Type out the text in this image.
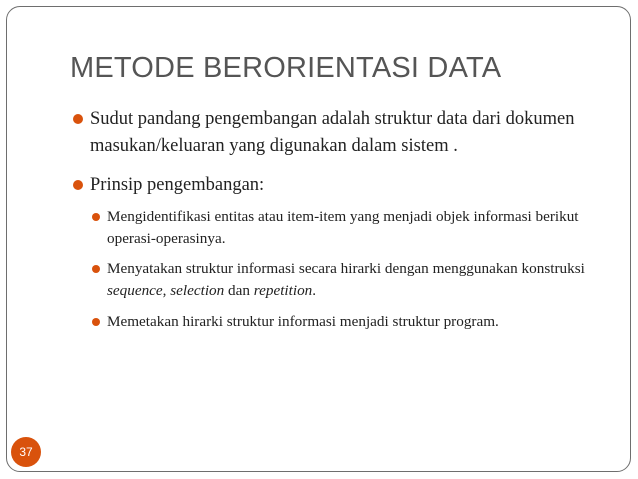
METODE BERORIENTASI DATA
Sudut pandang pengembangan adalah struktur data dari dokumen masukan/keluaran yang digunakan dalam sistem .
Prinsip pengembangan:
Mengidentifikasi entitas atau item-item yang menjadi objek informasi berikut operasi-operasinya.
Menyatakan struktur informasi secara hirarki dengan menggunakan konstruksi sequence, selection dan repetition.
Memetakan hirarki struktur informasi menjadi struktur program.
37
